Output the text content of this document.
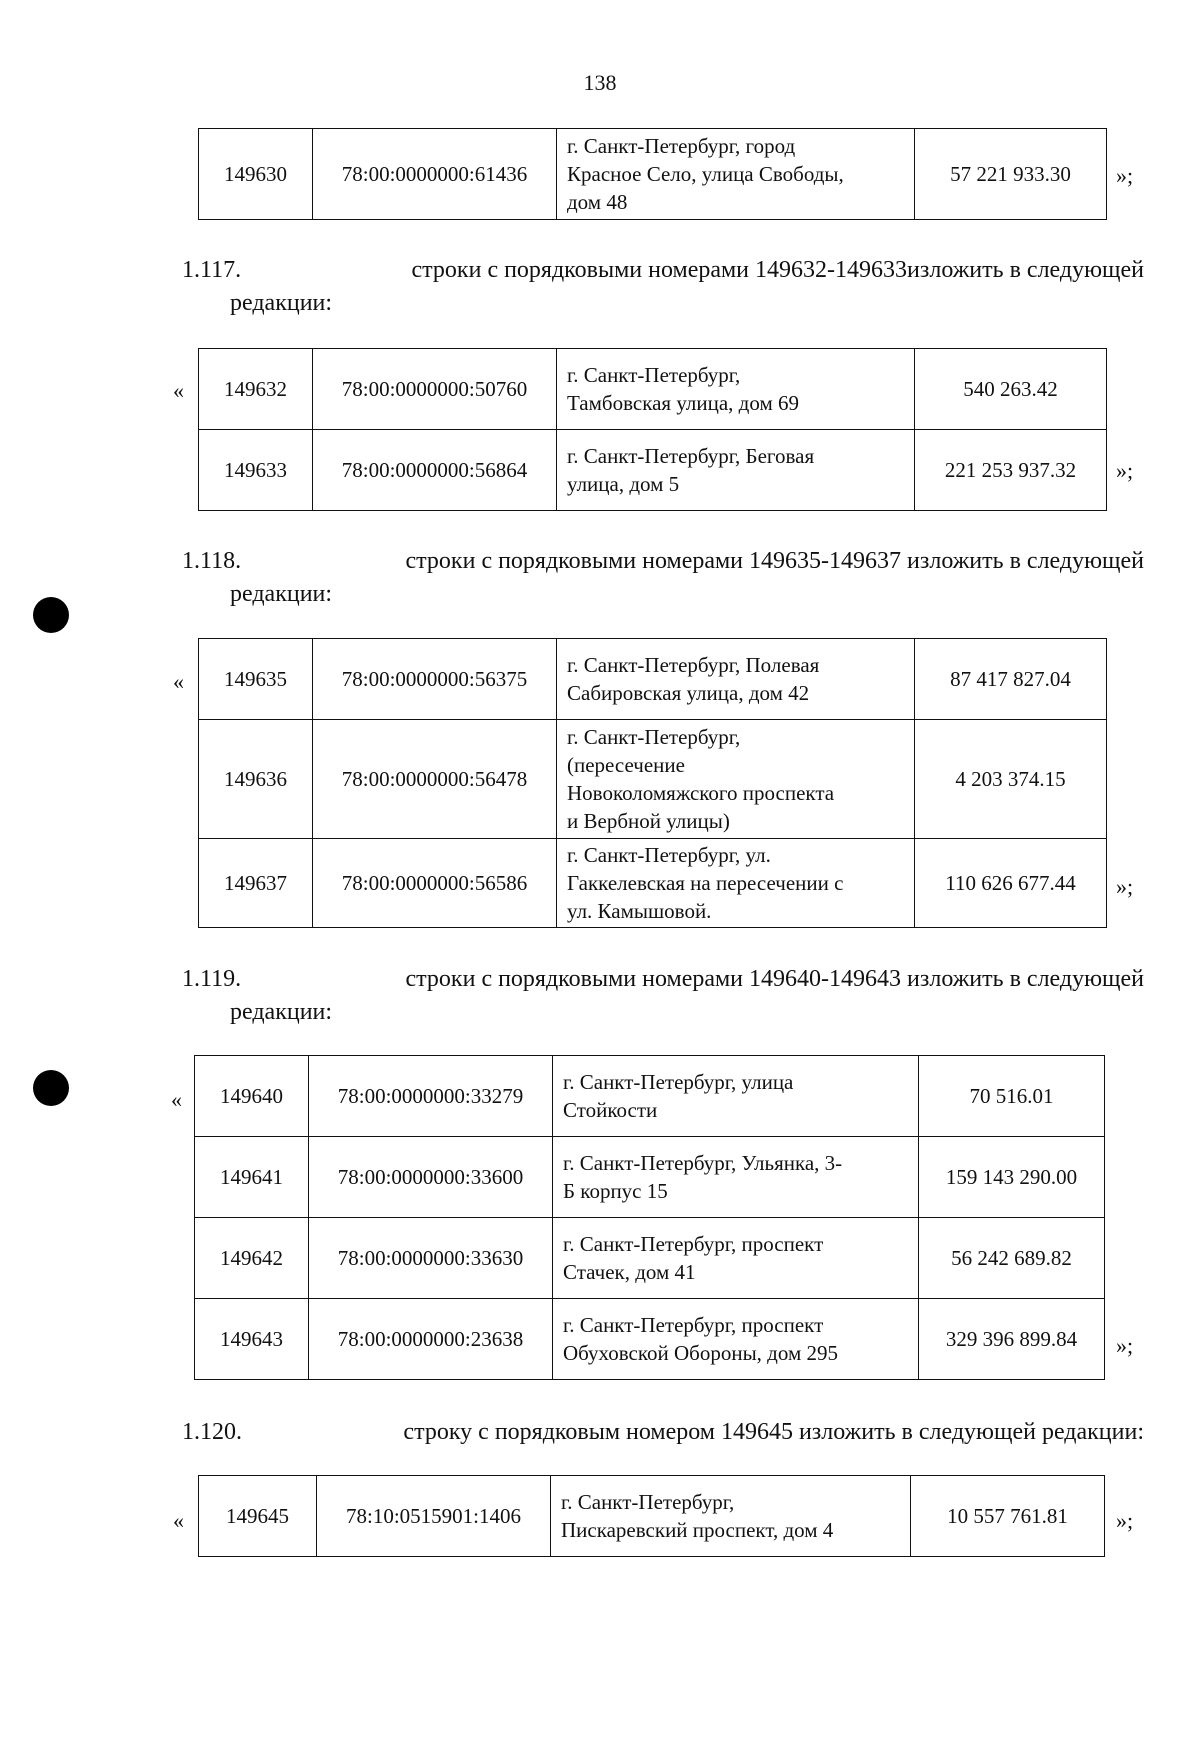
138
149630	78:00:0000000:61436	г. Санкт-Петербург, город
Красное Село, улица Свободы,
дом 48	57 221 933.30 »;
1.117.	строки с порядковыми номерами 149632-149633изложить в следующей
редакции:
« 149632	78:00:0000000:50760	г. Санкт-Петербург,
Тамбовская улица, дом 69	540 263.42
149633	78:00:0000000:56864	г. Санкт-Петербург, Беговая
улица, дом 5	221 253 937.32 »;
1.118.	строки с порядковыми номерами 149635-149637 изложить в следующей
редакции:
« 149635	78:00:0000000:56375	г. Санкт-Петербург, Полевая
Сабировская улица, дом 42	87 417 827.04
149636	78:00:0000000:56478	г. Санкт-Петербург,
(пересечение
Новоколомяжского проспекта
и Вербной улицы)	4 203 374.15
149637	78:00:0000000:56586	г. Санкт-Петербург, ул.
Гаккелевская на пересечении с
ул. Камышовой.	110 626 677.44 »;
1.119.	строки с порядковыми номерами 149640-149643 изложить в следующей
редакции:
« 149640	78:00:0000000:33279	г. Санкт-Петербург, улица
Стойкости	70 516.01
149641	78:00:0000000:33600	г. Санкт-Петербург, Ульянка, 3-
Б корпус 15	159 143 290.00
149642	78:00:0000000:33630	г. Санкт-Петербург, проспект
Стачек, дом 41	56 242 689.82
149643	78:00:0000000:23638	г. Санкт-Петербург, проспект
Обуховской Обороны, дом 295	329 396 899.84 »;
1.120.	строку с порядковым номером 149645 изложить в следующей редакции:
« 149645	78:10:0515901:1406	г. Санкт-Петербург,
Пискаревский проспект, дом 4	10 557 761.81 »;
